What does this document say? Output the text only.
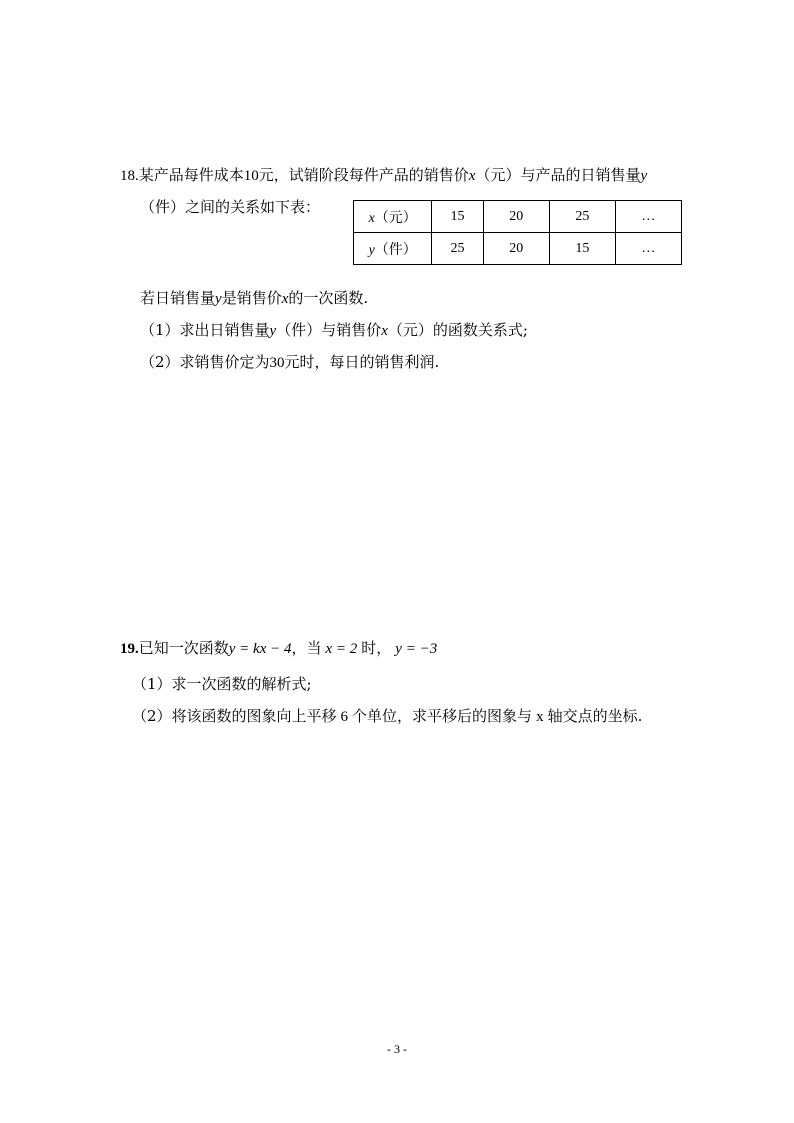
18.某产品每件成本10元，试销阶段每件产品的销售价x（元）与产品的日销售量y
（件）之间的关系如下表：
x（元）	15	20	25	…
y（件）	25	20	15	…
若日销售量y是销售价x的一次函数.
（1）求出日销售量y（件）与销售价x（元）的函数关系式;
（2）求销售价定为30元时，每日的销售利润.
19.已知一次函数y = kx − 4，当 x = 2 时， y = −3
（1）求一次函数的解析式;
（2）将该函数的图象向上平移 6 个单位，求平移后的图象与 x 轴交点的坐标.
- 3 -
